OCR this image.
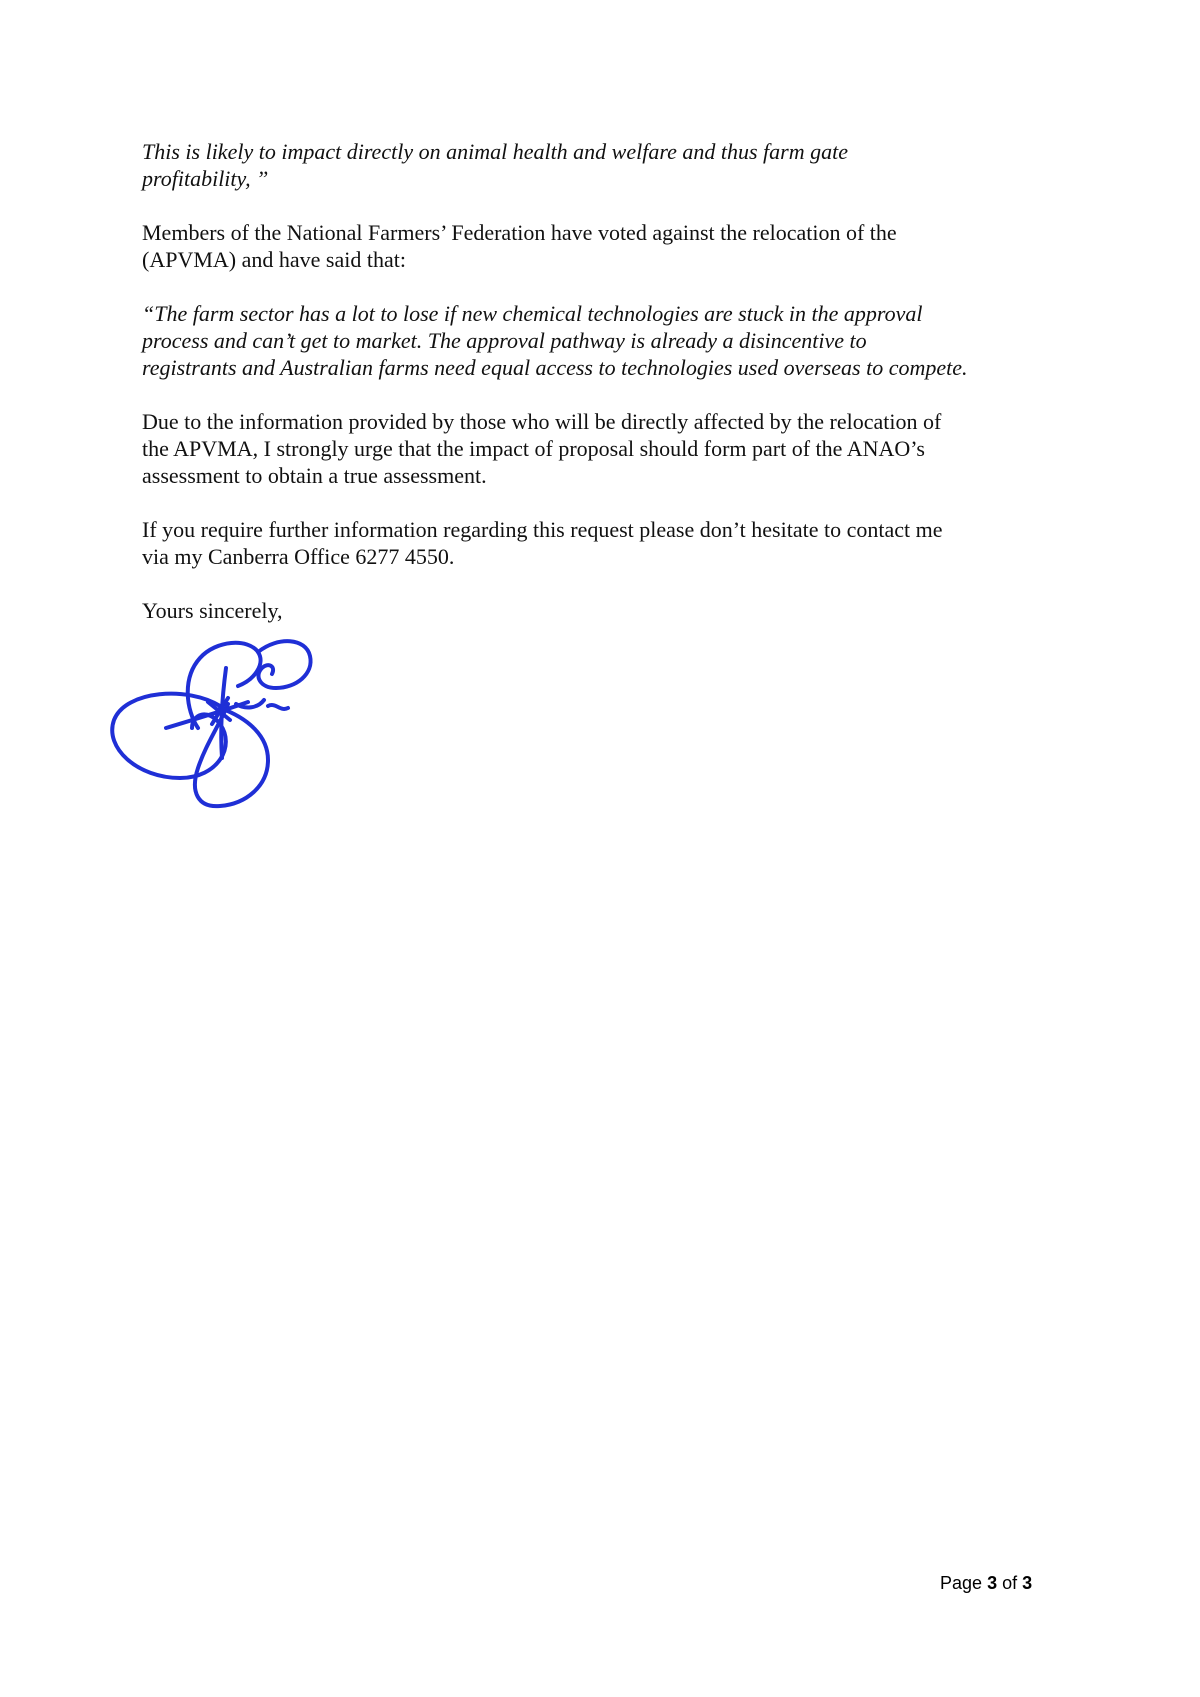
This is likely to impact directly on animal health and welfare and thus farm gate
profitability, ”

Members of the National Farmers’ Federation have voted against the relocation of the
(APVMA) and have said that:

“The farm sector has a lot to lose if new chemical technologies are stuck in the approval
process and can’t get to market. The approval pathway is already a disincentive to
registrants and Australian farms need equal access to technologies used overseas to compete.

Due to the information provided by those who will be directly affected by the relocation of
the APVMA, I strongly urge that the impact of proposal should form part of the ANAO’s
assessment to obtain a true assessment.

If you require further information regarding this request please don’t hesitate to contact me
via my Canberra Office 6277 4550.

Yours sincerely,

Page 3 of 3
